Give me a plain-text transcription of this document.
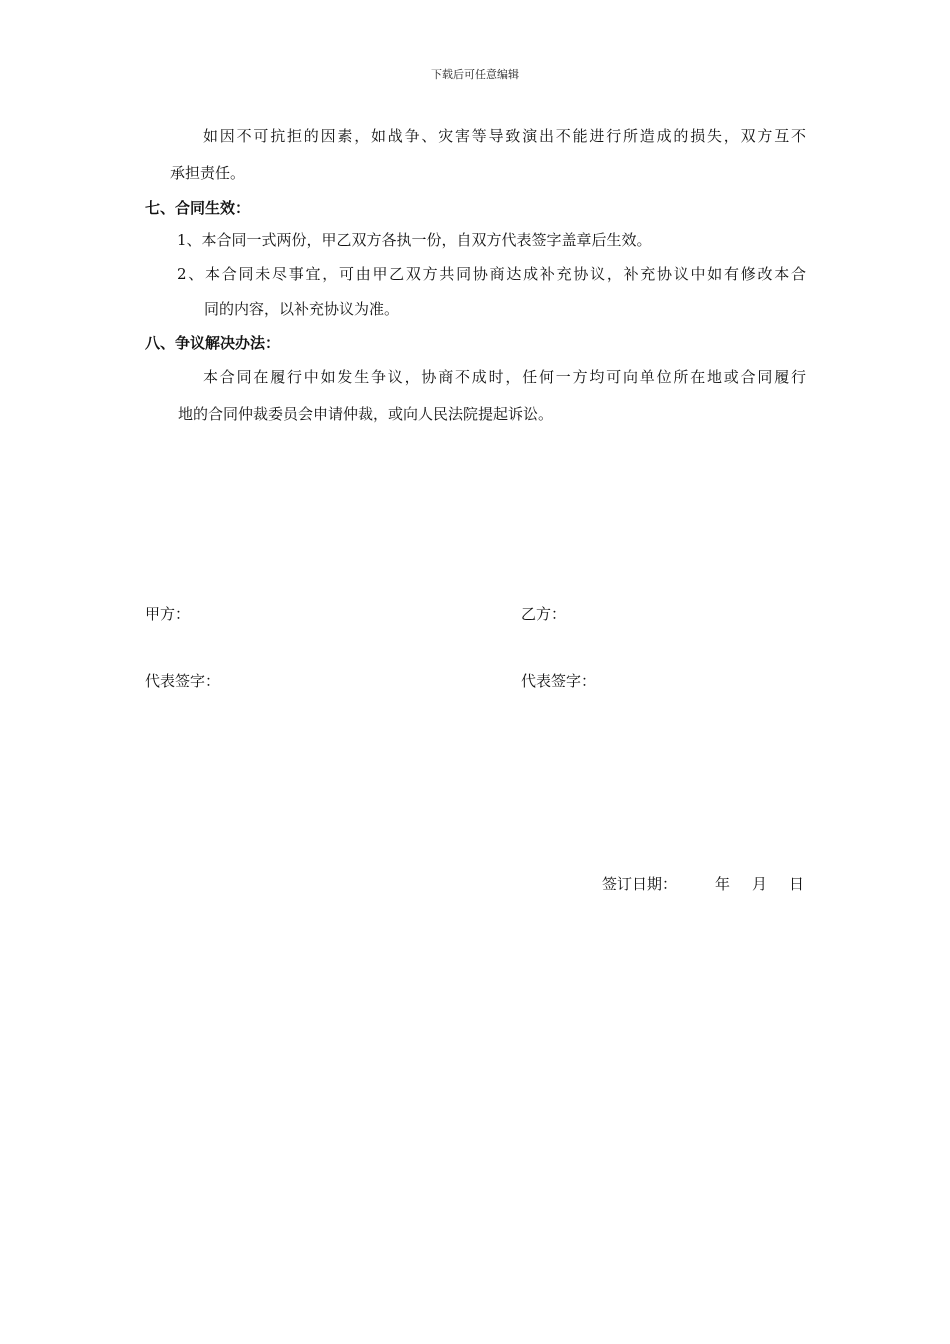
下载后可任意编辑
如因不可抗拒的因素，如战争、灾害等导致演出不能进行所造成的损失，双方互不
承担责任。
七、合同生效：
1、本合同一式两份，甲乙双方各执一份，自双方代表签字盖章后生效。
2、本合同未尽事宜，可由甲乙双方共同协商达成补充协议，补充协议中如有修改本合
同的内容，以补充协议为准。
八、争议解决办法：
本合同在履行中如发生争议，协商不成时，任何一方均可向单位所在地或合同履行
地的合同仲裁委员会申请仲裁，或向人民法院提起诉讼。
甲方：	乙方：
代表签字：	代表签字：
签订日期：	年 月 日
